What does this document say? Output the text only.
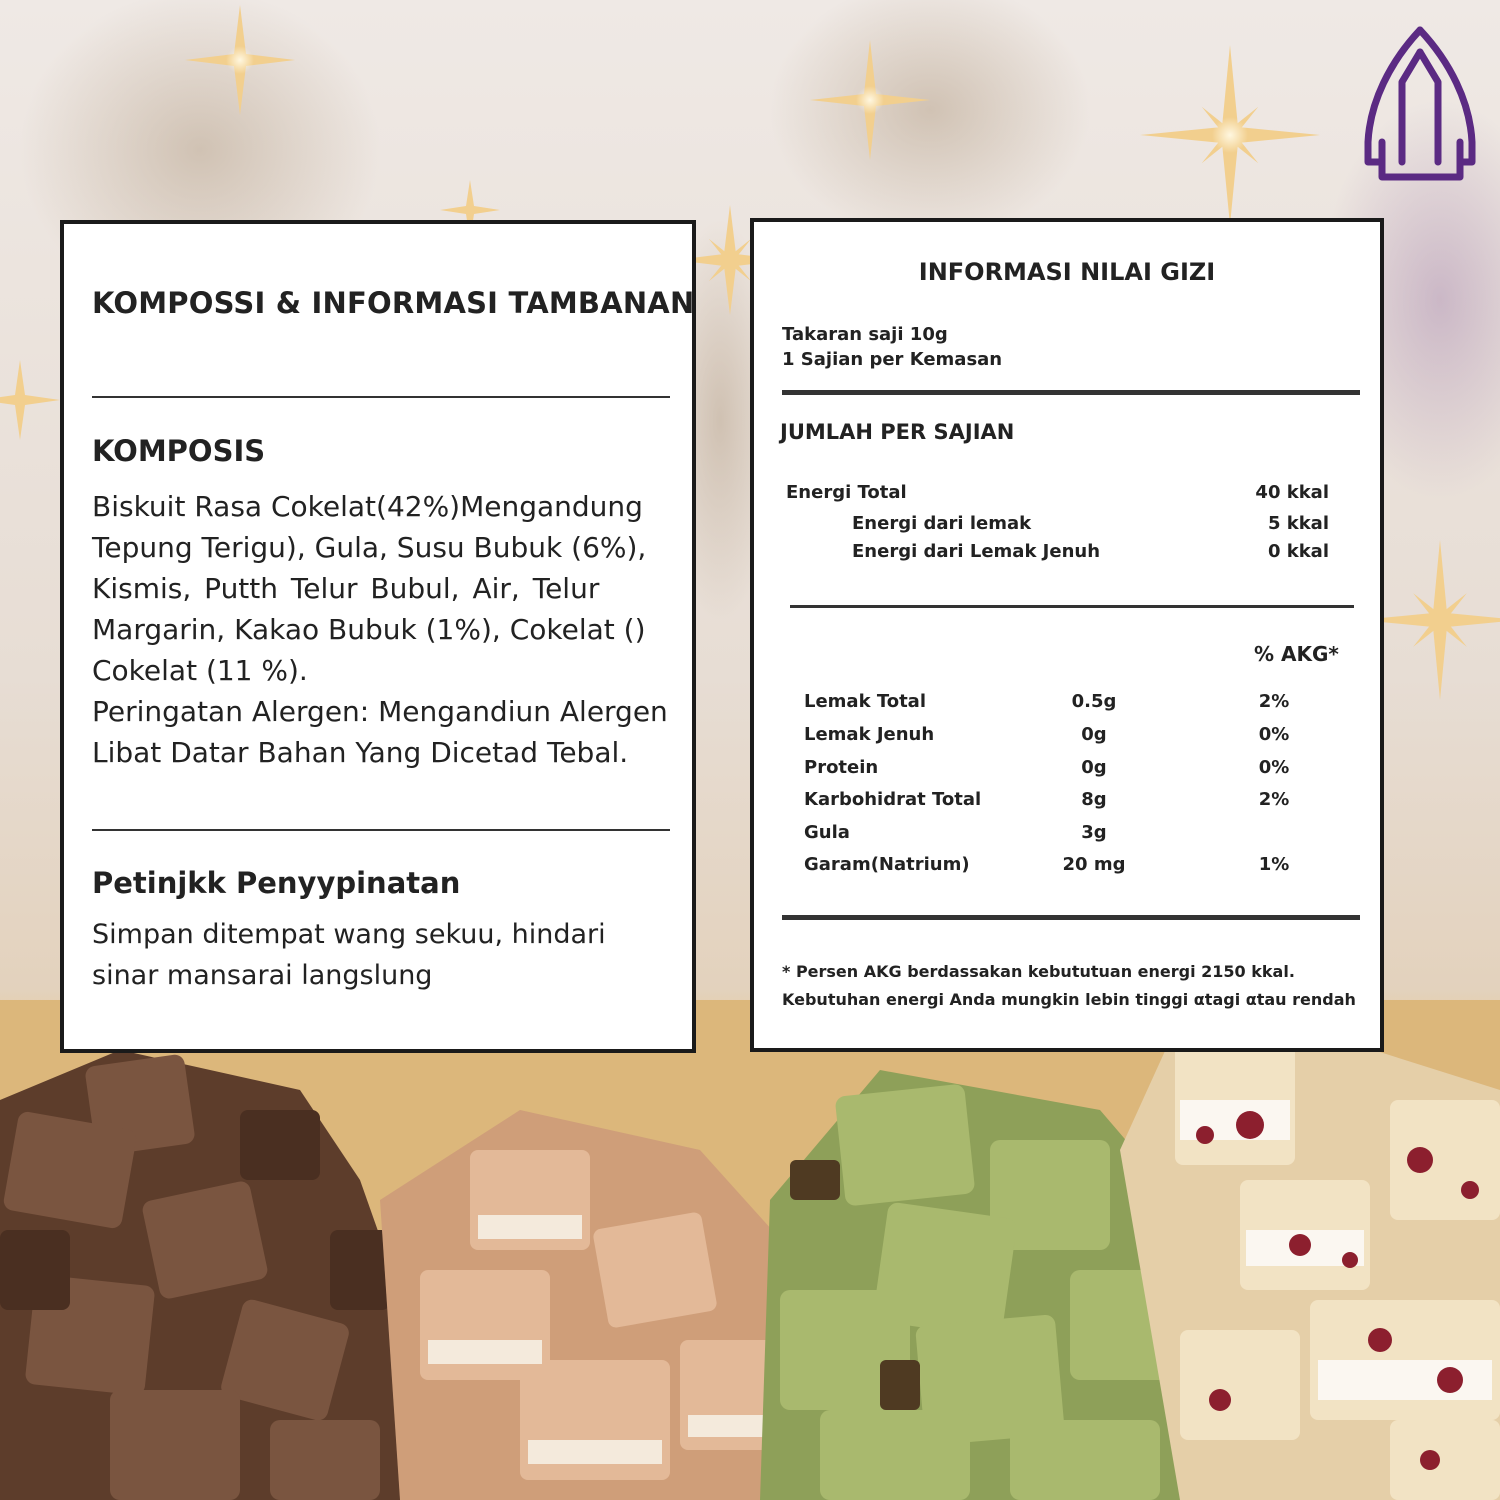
KOMPOSSI & INFORMASI TAMBANAN
KOMPOSIS

Biskuit Rasa Cokelat(42%)Mengandung

Tepung Terigu), Gula, Susu Bubuk (6%),

Kismis, Putth Telur Bubul, Air, Telur

Margarin, Kakao Bubuk (1%), Cokelat ()

Cokelat (11 %).

Peringatan Alergen: Mengandiun Alergen

Libat Datar Bahan Yang Dicetad Tebal.

Petinjkk Penyypinatan
Simpan ditempat wang sekuu, hindari
sinar mansarai langslung
INFORMASI NILAI GIZI
Takaran saji 10g
1 Sajian per Kemasan
JUMLAH PER SAJIAN
Energi Total	40 kkal
Energi dari lemak	5 kkal
Energi dari Lemak Jenuh	0 kkal
% AKG*
Lemak Total	0.5g	2%
Lemak Jenuh	0g	0%
Protein	0g	0%
Karbohidrat Total	8g	2%
Gula	3g
Garam(Natrium)	20 mg	1%
* Persen AKG berdassakan kebututuan energi 2150 kkal.
Kebutuhan energi Anda mungkin lebin tinggi αtagi αtau rendah
